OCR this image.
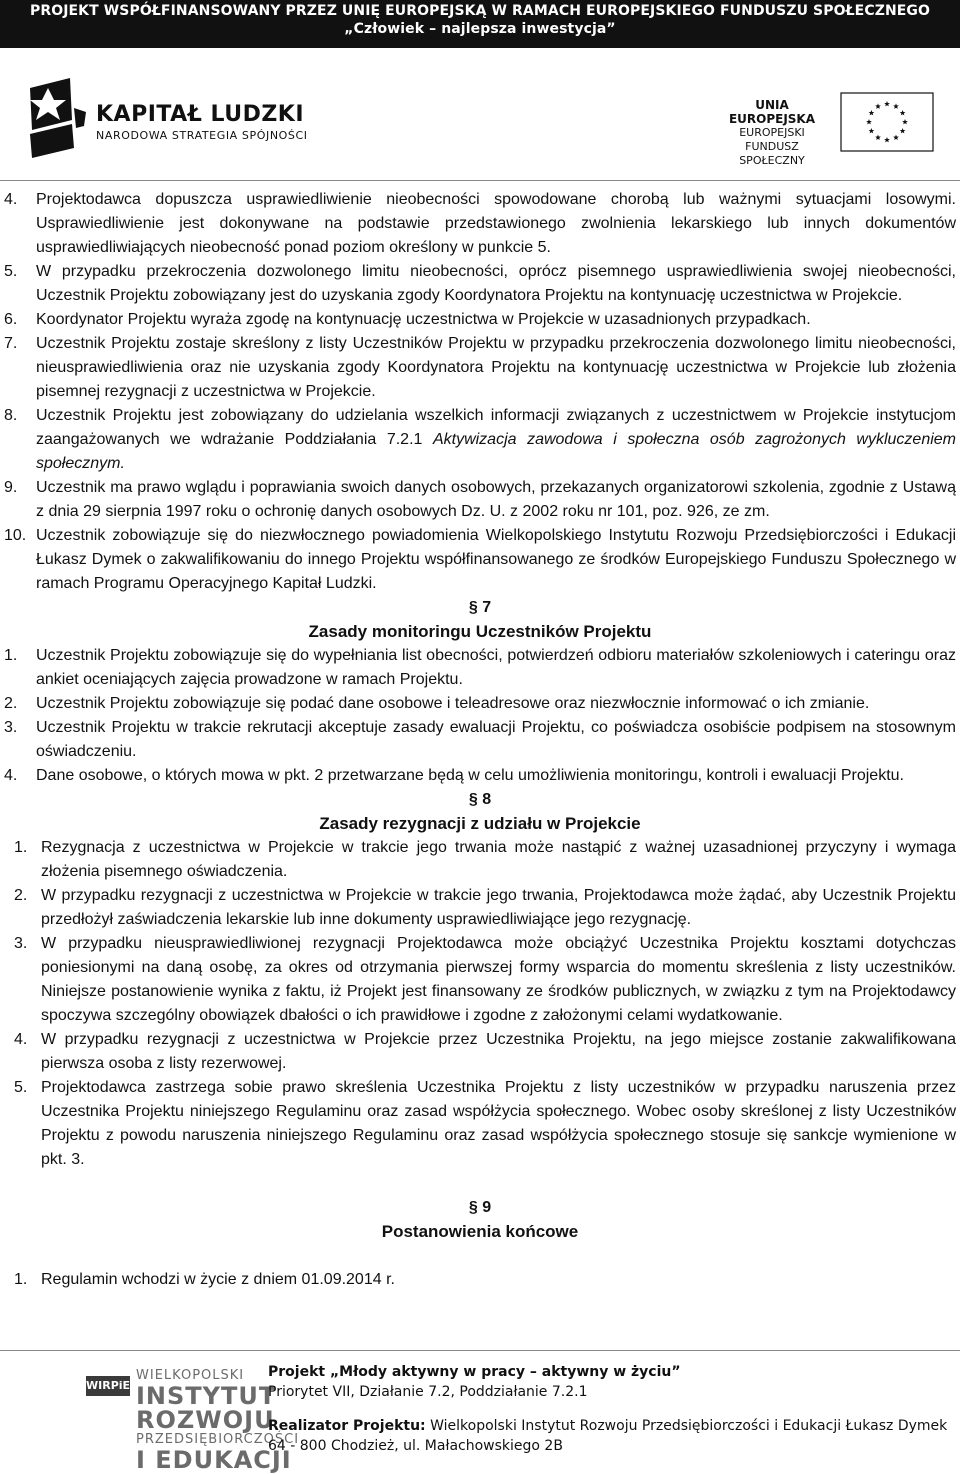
PROJEKT WSPÓŁFINANSOWANY PRZEZ UNIĘ EUROPEJSKĄ W RAMACH EUROPEJSKIEGO FUNDUSZU SPOŁECZNEGO
„Człowiek – najlepsza inwestycja”
KAPITAŁ LUDZKI
NARODOWA STRATEGIA SPÓJNOŚCI
UNIA EUROPEJSKA
EUROPEJSKI
FUNDUSZ SPOŁECZNY
4. Projektodawca dopuszcza usprawiedliwienie nieobecności spowodowane chorobą lub ważnymi sytuacjami losowymi. Usprawiedliwienie jest dokonywane na podstawie przedstawionego zwolnienia lekarskiego lub innych dokumentów usprawiedliwiających nieobecność ponad poziom określony w punkcie 5.
5. W przypadku przekroczenia dozwolonego limitu nieobecności, oprócz pisemnego usprawiedliwienia swojej nieobecności, Uczestnik Projektu zobowiązany jest do uzyskania zgody Koordynatora Projektu na kontynuację uczestnictwa w Projekcie.
6. Koordynator Projektu wyraża zgodę na kontynuację uczestnictwa w Projekcie w uzasadnionych przypadkach.
7. Uczestnik Projektu zostaje skreślony z listy Uczestników Projektu w przypadku przekroczenia dozwolonego limitu nieobecności, nieusprawiedliwienia oraz nie uzyskania zgody Koordynatora Projektu na kontynuację uczestnictwa w Projekcie lub złożenia pisemnej rezygnacji z uczestnictwa w Projekcie.
8. Uczestnik Projektu jest zobowiązany do udzielania wszelkich informacji związanych z uczestnictwem w Projekcie instytucjom zaangażowanych we wdrażanie Poddziałania 7.2.1 Aktywizacja zawodowa i społeczna osób zagrożonych wykluczeniem społecznym.
9. Uczestnik ma prawo wglądu i poprawiania swoich danych osobowych, przekazanych organizatorowi szkolenia, zgodnie z Ustawą z dnia 29 sierpnia 1997 roku o ochronię danych osobowych Dz. U. z 2002 roku nr 101, poz. 926, ze zm.
10. Uczestnik zobowiązuje się do niezwłocznego powiadomienia Wielkopolskiego Instytutu Rozwoju Przedsiębiorczości i Edukacji Łukasz Dymek o zakwalifikowaniu do innego Projektu współfinansowanego ze środków Europejskiego Funduszu Społecznego w ramach Programu Operacyjnego Kapitał Ludzki.
§ 7
Zasady monitoringu Uczestników Projektu
1. Uczestnik Projektu zobowiązuje się do wypełniania list obecności, potwierdzeń odbioru materiałów szkoleniowych i cateringu oraz ankiet oceniających zajęcia prowadzone w ramach Projektu.
2. Uczestnik Projektu zobowiązuje się podać dane osobowe i teleadresowe oraz niezwłocznie informować o ich zmianie.
3. Uczestnik Projektu w trakcie rekrutacji akceptuje zasady ewaluacji Projektu, co poświadcza osobiście podpisem na stosownym oświadczeniu.
4. Dane osobowe, o których mowa w pkt. 2 przetwarzane będą w celu umożliwienia monitoringu, kontroli i ewaluacji Projektu.
§ 8
Zasady rezygnacji z udziału w Projekcie
1. Rezygnacja z uczestnictwa w Projekcie w trakcie jego trwania może nastąpić z ważnej uzasadnionej przyczyny i wymaga złożenia pisemnego oświadczenia.
2. W przypadku rezygnacji z uczestnictwa w Projekcie w trakcie jego trwania, Projektodawca może żądać, aby Uczestnik Projektu przedłożył zaświadczenia lekarskie lub inne dokumenty usprawiedliwiające jego rezygnację.
3. W przypadku nieusprawiedliwionej rezygnacji Projektodawca może obciążyć Uczestnika Projektu kosztami dotychczas poniesionymi na daną osobę, za okres od otrzymania pierwszej formy wsparcia do momentu skreślenia z listy uczestników. Niniejsze postanowienie wynika z faktu, iż Projekt jest finansowany ze środków publicznych, w związku z tym na Projektodawcy spoczywa szczególny obowiązek dbałości o ich prawidłowe i zgodne z założonymi celami wydatkowanie.
4. W przypadku rezygnacji z uczestnictwa w Projekcie przez Uczestnika Projektu, na jego miejsce zostanie zakwalifikowana pierwsza osoba z listy rezerwowej.
5. Projektodawca zastrzega sobie prawo skreślenia Uczestnika Projektu z listy uczestników w przypadku naruszenia przez Uczestnika Projektu niniejszego Regulaminu oraz zasad współżycia społecznego. Wobec osoby skreślonej z listy Uczestników Projektu z powodu naruszenia niniejszego Regulaminu oraz zasad współżycia społecznego stosuje się sankcje wymienione w pkt. 3.
§ 9
Postanowienia końcowe
1. Regulamin wchodzi w życie z dniem 01.09.2014 r.
WIRPiE
WIELKOPOLSKI
INSTYTUT
ROZWOJU
PRZEDSIĘBIORCZOŚCI
I EDUKACJI
Projekt „Młody aktywny w pracy – aktywny w życiu”
Priorytet VII, Działanie 7.2, Poddziałanie 7.2.1
Realizator Projektu: Wielkopolski Instytut Rozwoju Przedsiębiorczości i Edukacji Łukasz Dymek
64 - 800 Chodzież, ul. Małachowskiego 2B
